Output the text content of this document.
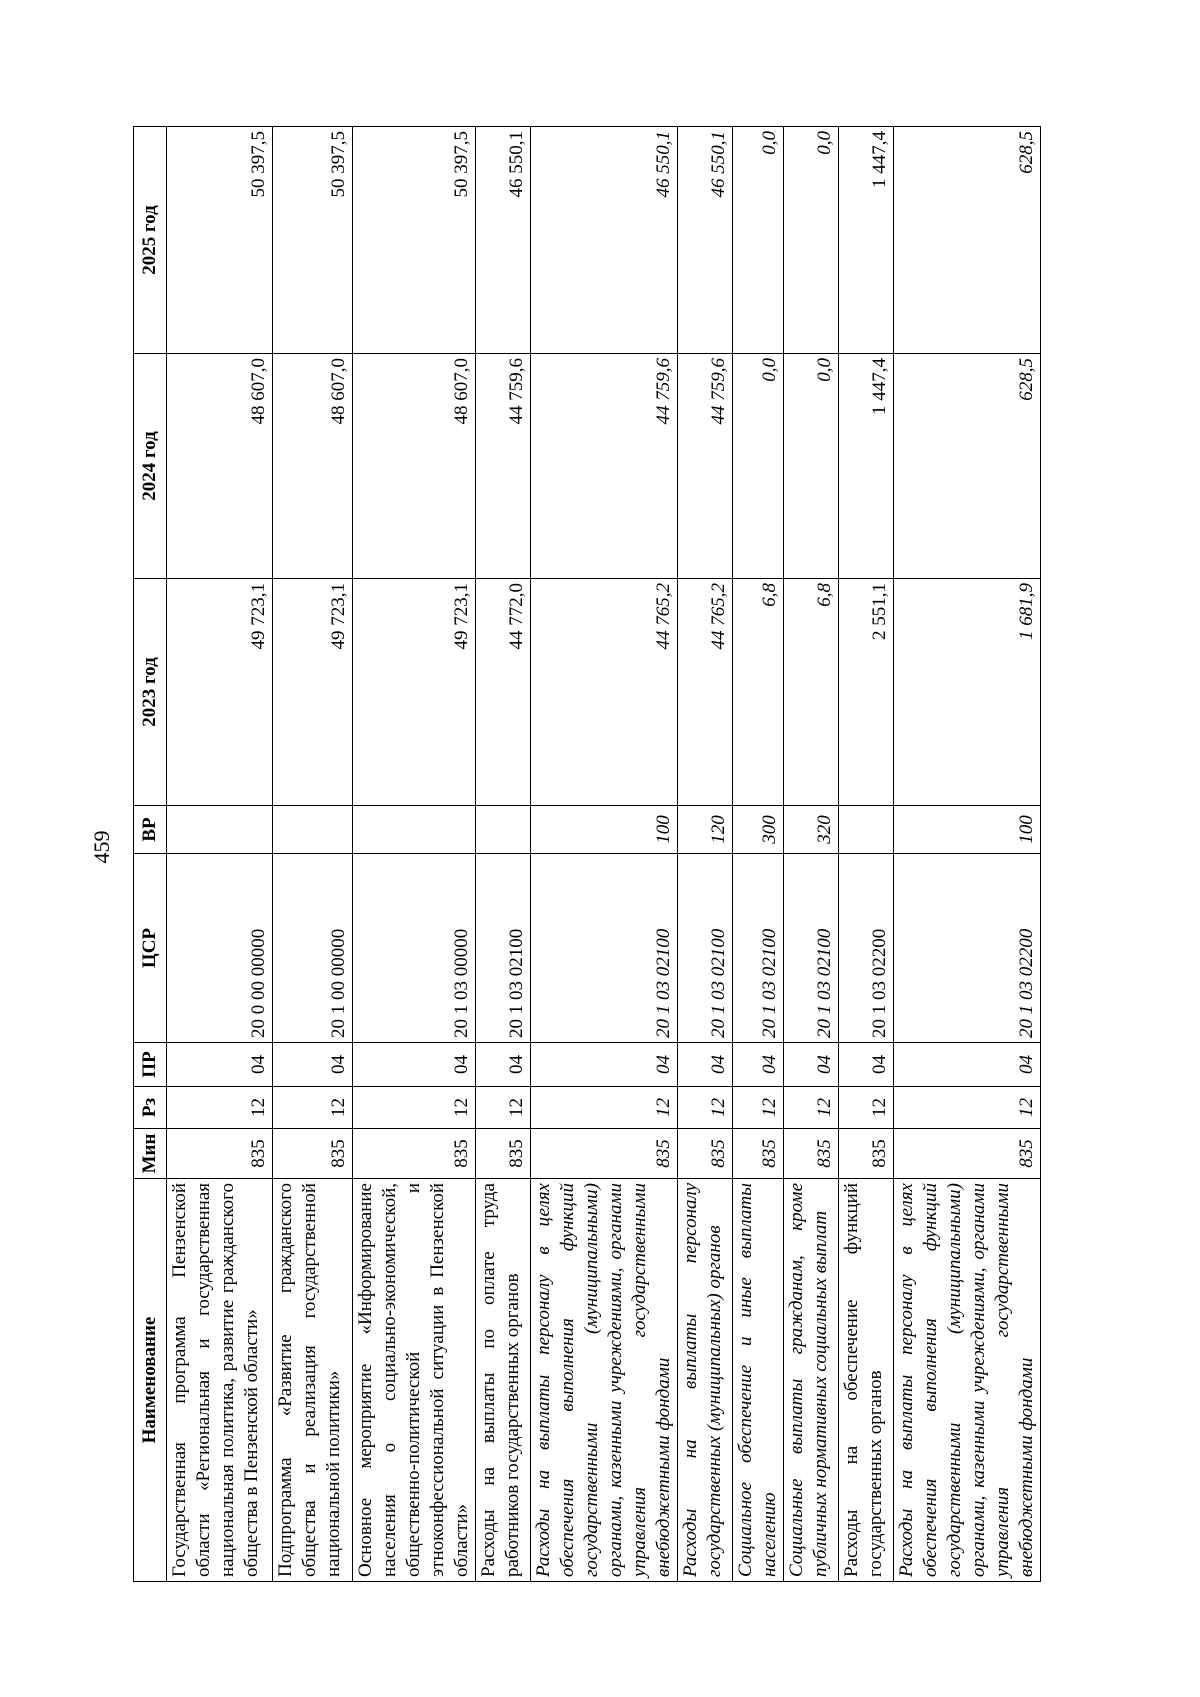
459
Наименование	Мин	Рз	ПР	ЦСР	ВР	2023 год	2024 год	2025 год
Государственная программа Пензенской области «Региональная и государственная национальная политика, развитие гражданского общества в Пензенской области»	835	12	04	20 0 00 00000		49 723,1	48 607,0	50 397,5
Подпрограмма «Развитие гражданского общества и реализация государственной национальной политики»	835	12	04	20 1 00 00000		49 723,1	48 607,0	50 397,5
Основное мероприятие «Информирование населения о социально-экономической, общественно-политической и этноконфессиональной ситуации в Пензенской области»	835	12	04	20 1 03 00000		49 723,1	48 607,0	50 397,5
Расходы на выплаты по оплате труда работников государственных органов	835	12	04	20 1 03 02100		44 772,0	44 759,6	46 550,1
Расходы на выплаты персоналу в целях обеспечения выполнения функций государственными (муниципальными) органами, казенными учреждениями, органами управления государственными внебюджетными фондами	835	12	04	20 1 03 02100	100	44 765,2	44 759,6	46 550,1
Расходы на выплаты персоналу государственных (муниципальных) органов	835	12	04	20 1 03 02100	120	44 765,2	44 759,6	46 550,1
Социальное обеспечение и иные выплаты населению	835	12	04	20 1 03 02100	300	6,8	0,0	0,0
Социальные выплаты гражданам, кроме публичных нормативных социальных выплат	835	12	04	20 1 03 02100	320	6,8	0,0	0,0
Расходы на обеспечение функций государственных органов	835	12	04	20 1 03 02200		2 551,1	1 447,4	1 447,4
Расходы на выплаты персоналу в целях обеспечения выполнения функций государственными (муниципальными) органами, казенными учреждениями, органами управления государственными внебюджетными фондами	835	12	04	20 1 03 02200	100	1 681,9	628,5	628,5
